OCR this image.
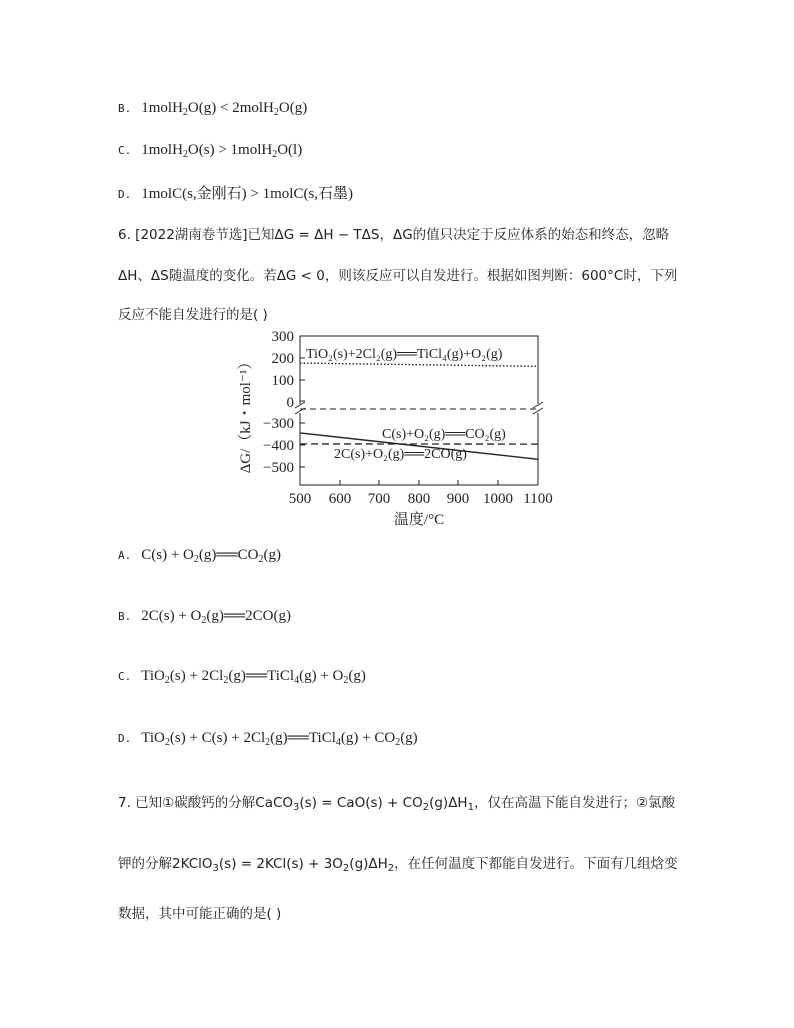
B. 1molH$_2$O(g) < 2molH$_2$O(g)
C. 1molH$_2$O(s) > 1molH$_2$O(l)
D. 1molC(s,金刚石) > 1molC(s,石墨)
6. [2022湖南卷节选]已知ΔG = ΔH − TΔS，ΔG的值只决定于反应体系的始态和终态，忽略
ΔH、ΔS随温度的变化。若ΔG < 0，则该反应可以自发进行。根据如图判断：600°C时，下列
反应不能自发进行的是( )
300
200
100
0
−300
−400
−500
500 600 700 800 900 1000 1100
温度/°C
ΔG/（kJ・mol⁻¹）
TiO₂(s)+2Cl₂(g)══TiCl₄(g)+O₂(g)
C(s)+O₂(g)══CO₂(g)
2C(s)+O₂(g)══2CO(g)
A. $C(s) + O_2(g)══CO_2(g)$
B. $2C(s) + O_2(g)══2CO(g)$
C. $TiO_2(s) + 2Cl_2(g)══TiCl_4(g) + O_2(g)$
D. $TiO_2(s) + C(s) + 2Cl_2(g)══TiCl_4(g) + CO_2(g)$
7. 已知①碳酸钙的分解CaCO$_3$(s) = $CaO(s) + CO_2(g)\Delta H_1$，仅在高温下能自发进行；②氯酸
钾的分解2KClO$_3$(s) = $2KCl(s) + 3O_2(g)\Delta H_2$，在任何温度下都能自发进行。下面有几组焓变
数据，其中可能正确的是( )
